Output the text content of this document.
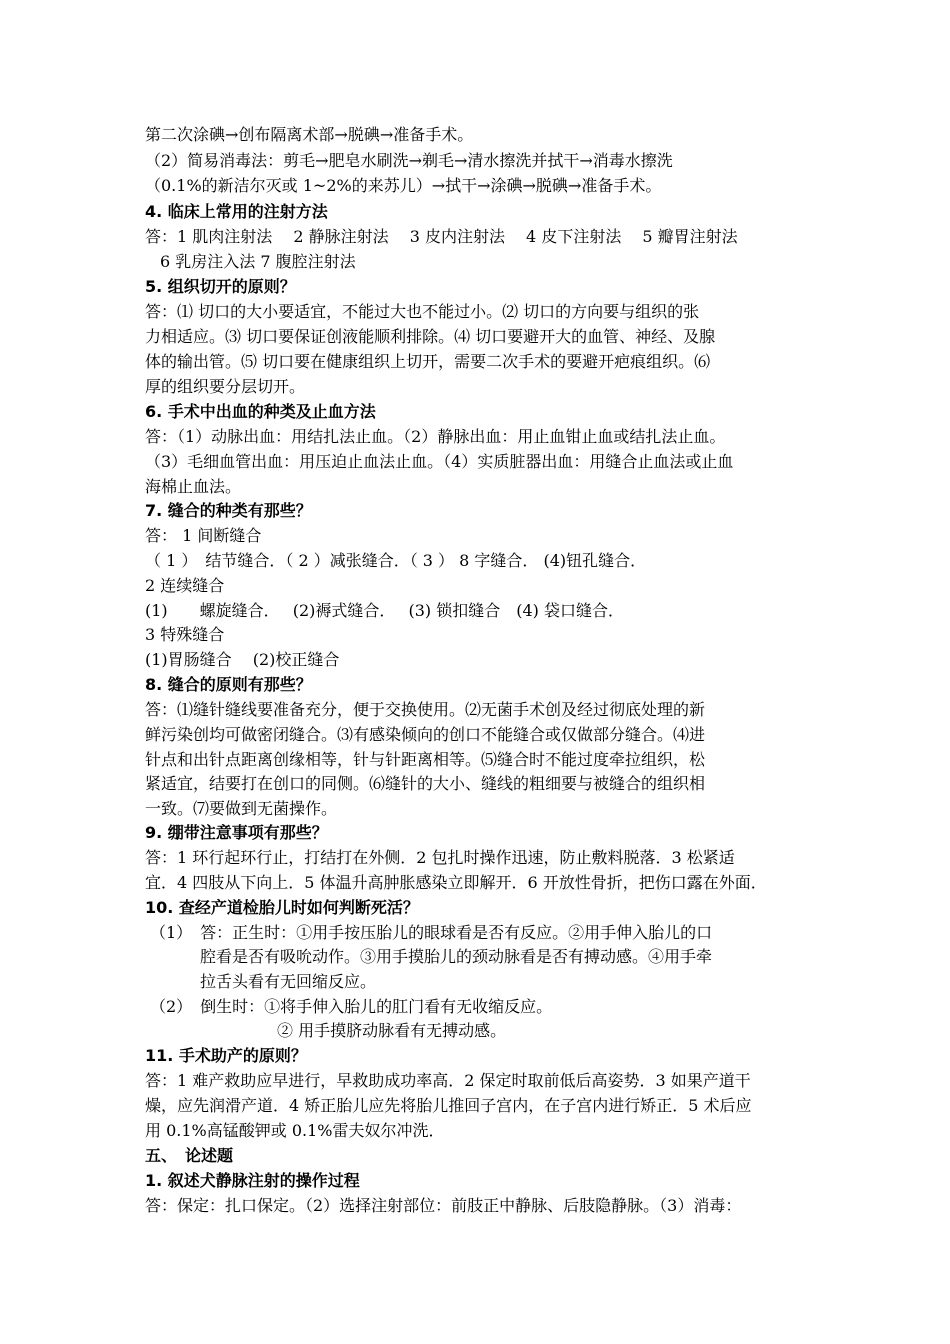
第二次涂碘→创布隔离术部→脱碘→准备手术。
（2）简易消毒法：剪毛→肥皂水刷洗→剃毛→清水擦洗并拭干→消毒水擦洗
（0.1%的新洁尔灭或 1~2%的来苏儿）→拭干→涂碘→脱碘→准备手术。
4. 临床上常用的注射方法
答：1 肌肉注射法　 2 静脉注射法　 3 皮内注射法　 4 皮下注射法　 5 瓣胃注射法
6 乳房注入法 7 腹腔注射法
5. 组织切开的原则？
答：⑴ 切口的大小要适宜，不能过大也不能过小。⑵ 切口的方向要与组织的张
力相适应。⑶ 切口要保证创液能顺利排除。⑷ 切口要避开大的血管、神经、及腺
体的输出管。⑸ 切口要在健康组织上切开，需要二次手术的要避开疤痕组织。⑹
厚的组织要分层切开。
6. 手术中出血的种类及止血方法
答：（1）动脉出血：用结扎法止血。（2）静脉出血：用止血钳止血或结扎法止血。
（3）毛细血管出血：用压迫止血法止血。（4）实质脏器出血：用缝合止血法或止血
海棉止血法。
7. 缝合的种类有那些？
答： 1 间断缝合
（ 1 ）　结节缝合．（ 2 ）减张缝合．（ 3 ） 8 字缝合． (4)钮孔缝合．
2 连续缝合
(1)　　螺旋缝合．　 (2)褥式缝合．　 (3) 锁扣缝合　(4) 袋口缝合．
3 特殊缝合
(1)胃肠缝合　 (2)校正缝合
8. 缝合的原则有那些？
答：⑴缝针缝线要准备充分，便于交换使用。⑵无菌手术创及经过彻底处理的新
鲜污染创均可做密闭缝合。⑶有感染倾向的创口不能缝合或仅做部分缝合。⑷进
针点和出针点距离创缘相等，针与针距离相等。⑸缝合时不能过度牵拉组织，松
紧适宜，结要打在创口的同侧。⑹缝针的大小、缝线的粗细要与被缝合的组织相
一致。⑺要做到无菌操作。
9. 绷带注意事项有那些？
答：1 环行起环行止，打结打在外侧．2 包扎时操作迅速，防止敷料脱落．3 松紧适
宜．4 四肢从下向上．5 体温升高肿胀感染立即解开．6 开放性骨折，把伤口露在外面．
10. 查经产道检胎儿时如何判断死活？
（1）　答：正生时：①用手按压胎儿的眼球看是否有反应。②用手伸入胎儿的口
腔看是否有吸吮动作。③用手摸胎儿的颈动脉看是否有搏动感。④用手牵
拉舌头看有无回缩反应。
（2）　倒生时：①将手伸入胎儿的肛门看有无收缩反应。
② 用手摸脐动脉看有无搏动感。
11. 手术助产的原则？
答：1 难产救助应早进行，早救助成功率高．2 保定时取前低后高姿势．3 如果产道干
燥，应先润滑产道．4 矫正胎儿应先将胎儿推回子宫内，在子宫内进行矫正．5 术后应
用 0.1%高锰酸钾或 0.1%雷夫奴尔冲洗．
五、　论述题
1. 叙述犬静脉注射的操作过程
答：保定：扎口保定。（2）选择注射部位：前肢正中静脉、后肢隐静脉。（3）消毒：
